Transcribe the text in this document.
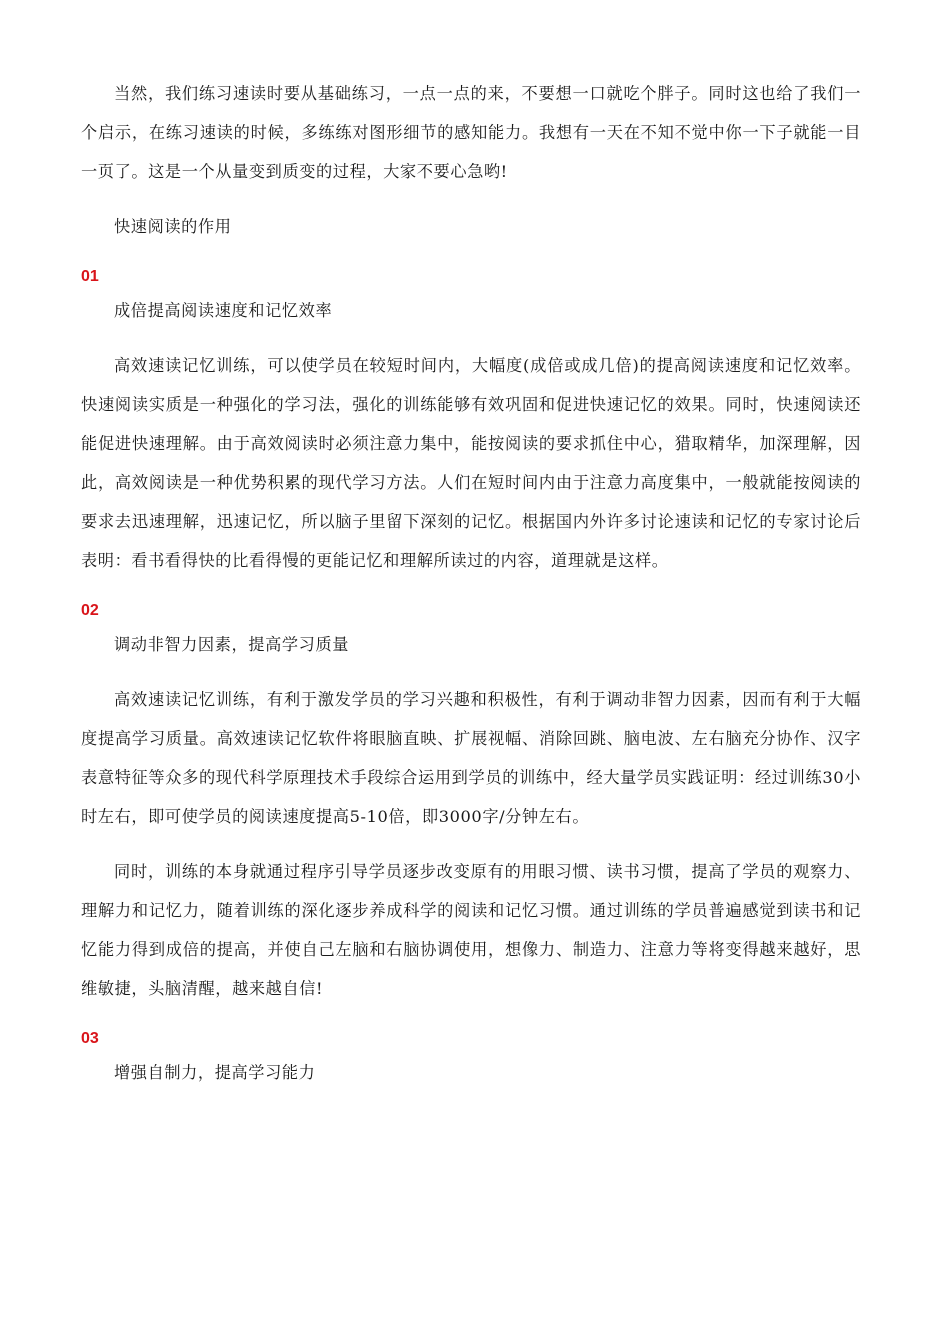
当然，我们练习速读时要从基础练习，一点一点的来，不要想一口就吃个胖子。同时这也给了我们一个启示，在练习速读的时候，多练练对图形细节的感知能力。我想有一天在不知不觉中你一下子就能一目一页了。这是一个从量变到质变的过程，大家不要心急哟!

快速阅读的作用

01

成倍提高阅读速度和记忆效率

高效速读记忆训练，可以使学员在较短时间内，大幅度(成倍或成几倍)的提高阅读速度和记忆效率。快速阅读实质是一种强化的学习法，强化的训练能够有效巩固和促进快速记忆的效果。同时，快速阅读还能促进快速理解。由于高效阅读时必须注意力集中，能按阅读的要求抓住中心，猎取精华，加深理解，因此，高效阅读是一种优势积累的现代学习方法。人们在短时间内由于注意力高度集中，一般就能按阅读的要求去迅速理解，迅速记忆，所以脑子里留下深刻的记忆。根据国内外许多讨论速读和记忆的专家讨论后表明：看书看得快的比看得慢的更能记忆和理解所读过的内容，道理就是这样。

02

调动非智力因素，提高学习质量

高效速读记忆训练，有利于激发学员的学习兴趣和积极性，有利于调动非智力因素，因而有利于大幅度提高学习质量。高效速读记忆软件将眼脑直映、扩展视幅、消除回跳、脑电波、左右脑充分协作、汉字表意特征等众多的现代科学原理技术手段综合运用到学员的训练中，经大量学员实践证明：经过训练30小时左右，即可使学员的阅读速度提高5-10倍，即3000字/分钟左右。

同时，训练的本身就通过程序引导学员逐步改变原有的用眼习惯、读书习惯，提高了学员的观察力、理解力和记忆力，随着训练的深化逐步养成科学的阅读和记忆习惯。通过训练的学员普遍感觉到读书和记忆能力得到成倍的提高，并使自己左脑和右脑协调使用，想像力、制造力、注意力等将变得越来越好，思维敏捷，头脑清醒，越来越自信!

03

增强自制力，提高学习能力
